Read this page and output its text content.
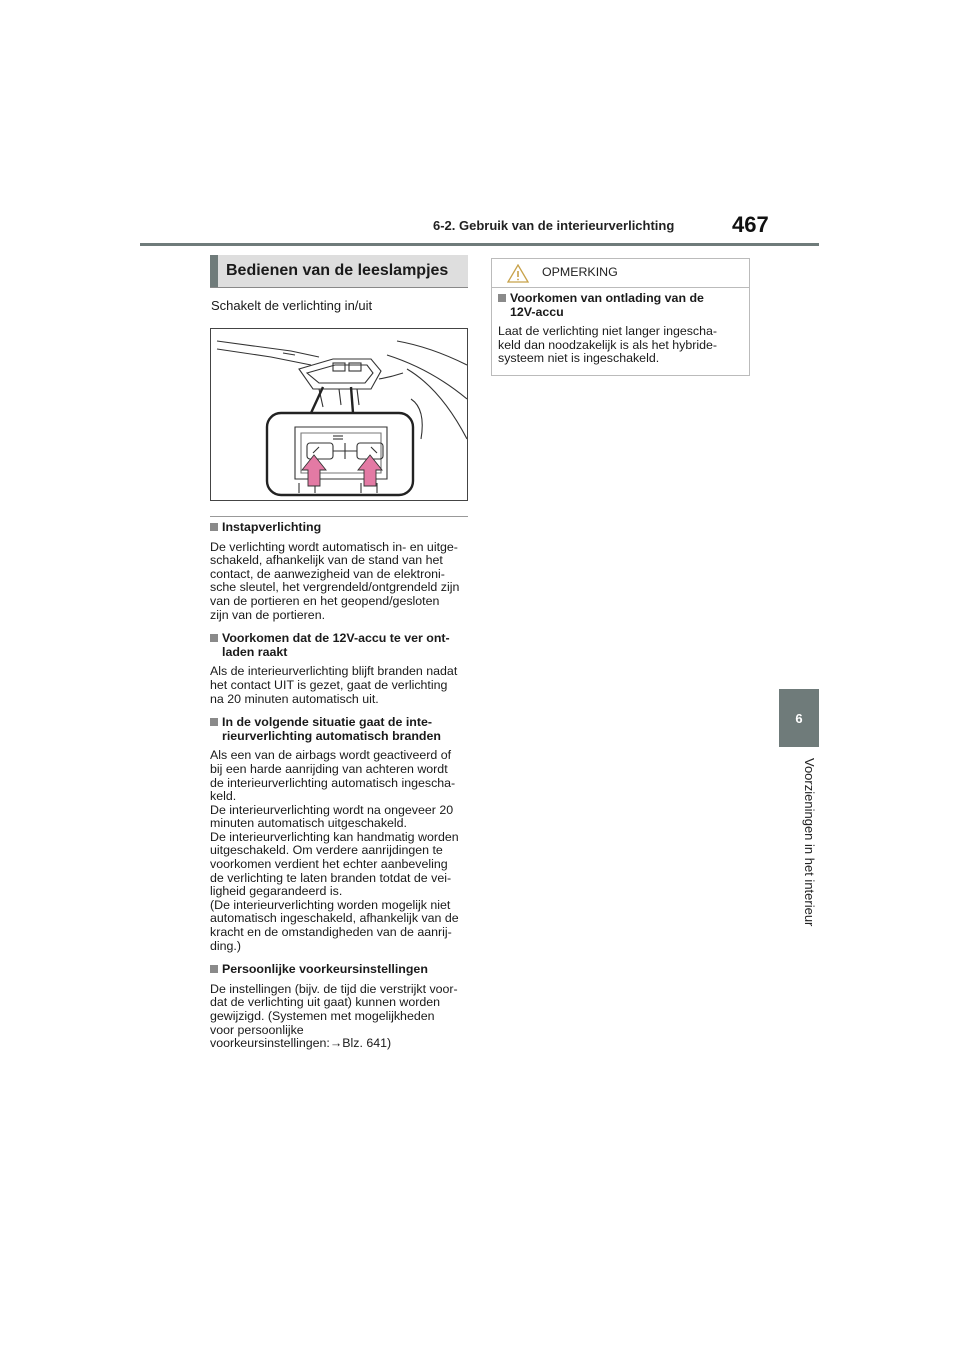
6-2. Gebruik van de interieurverlichting	467
6
Voorzieningen in het interieur
Bedienen van de leeslampjes
Schakelt de verlichting in/uit
Instapverlichting
De verlichting wordt automatisch in- en uitge-
schakeld, afhankelijk van de stand van het
contact, de aanwezigheid van de elektroni-
sche sleutel, het vergrendeld/ontgrendeld zijn
van de portieren en het geopend/gesloten
zijn van de portieren.
Voorkomen dat de 12V-accu te ver ont-
laden raakt
Als de interieurverlichting blijft branden nadat
het contact UIT is gezet, gaat de verlichting
na 20 minuten automatisch uit.
In de volgende situatie gaat de inte-
rieurverlichting automatisch branden
Als een van de airbags wordt geactiveerd of
bij een harde aanrijding van achteren wordt
de interieurverlichting automatisch ingescha-
keld.
De interieurverlichting wordt na ongeveer 20
minuten automatisch uitgeschakeld.
De interieurverlichting kan handmatig worden
uitgeschakeld. Om verdere aanrijdingen te
voorkomen verdient het echter aanbeveling
de verlichting te laten branden totdat de vei-
ligheid gegarandeerd is.
(De interieurverlichting worden mogelijk niet
automatisch ingeschakeld, afhankelijk van de
kracht en de omstandigheden van de aanrij-
ding.)
Persoonlijke voorkeursinstellingen
De instellingen (bijv. de tijd die verstrijkt voor-
dat de verlichting uit gaat) kunnen worden
gewijzigd. (Systemen met mogelijkheden
voor persoonlijke
voorkeursinstellingen:→Blz. 641)
OPMERKING
Voorkomen van ontlading van de
12V-accu
Laat de verlichting niet langer ingescha-
keld dan noodzakelijk is als het hybride-
systeem niet is ingeschakeld.
